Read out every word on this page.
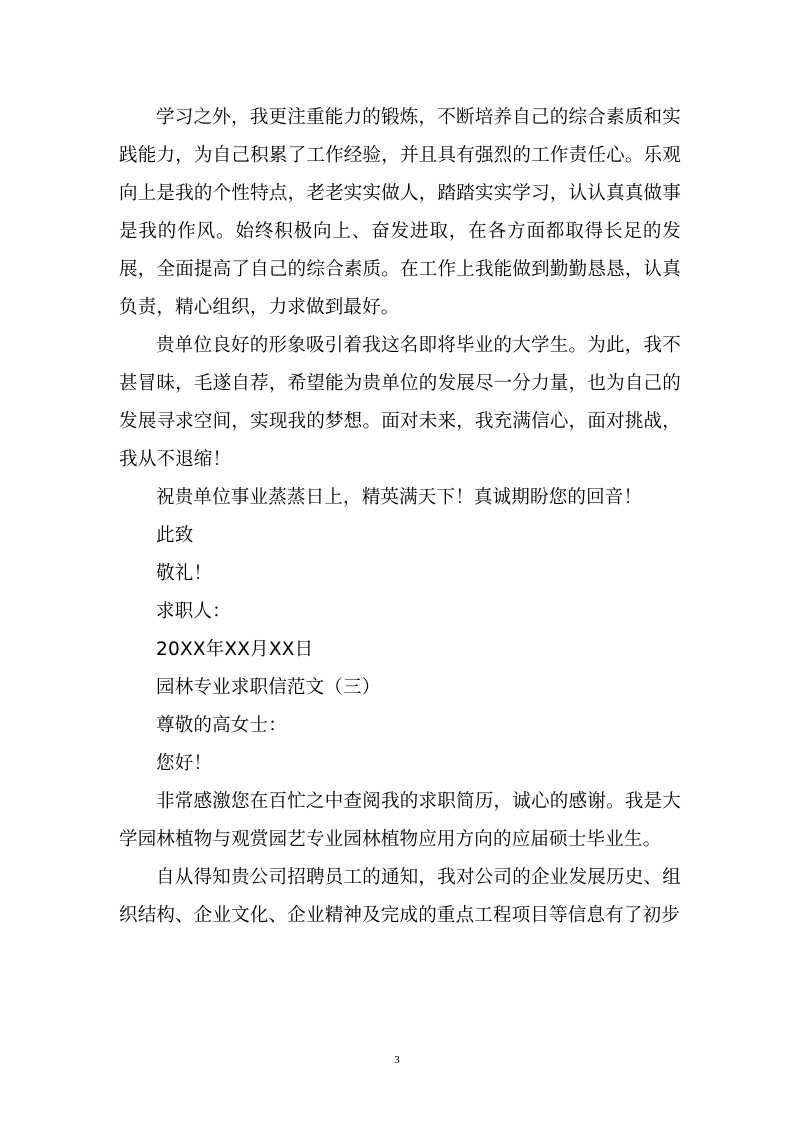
学习之外，我更注重能力的锻炼，不断培养自己的综合素质和实践能力，为自己积累了工作经验，并且具有强烈的工作责任心。乐观向上是我的个性特点，老老实实做人，踏踏实实学习，认认真真做事是我的作风。始终积极向上、奋发进取，在各方面都取得长足的发展，全面提高了自己的综合素质。在工作上我能做到勤勤恳恳，认真负责，精心组织，力求做到最好。

贵单位良好的形象吸引着我这名即将毕业的大学生。为此，我不甚冒昧，毛遂自荐，希望能为贵单位的发展尽一分力量，也为自己的发展寻求空间，实现我的梦想。面对未来，我充满信心，面对挑战，我从不退缩！

祝贵单位事业蒸蒸日上，精英满天下！真诚期盼您的回音！

此致

敬礼！

求职人：

20XX年XX月XX日

园林专业求职信范文（三）

尊敬的高女士：

您好！

非常感激您在百忙之中查阅我的求职简历，诚心的感谢。我是大学园林植物与观赏园艺专业园林植物应用方向的应届硕士毕业生。

自从得知贵公司招聘员工的通知，我对公司的企业发展历史、组织结构、企业文化、企业精神及完成的重点工程项目等信息有了初步

3
